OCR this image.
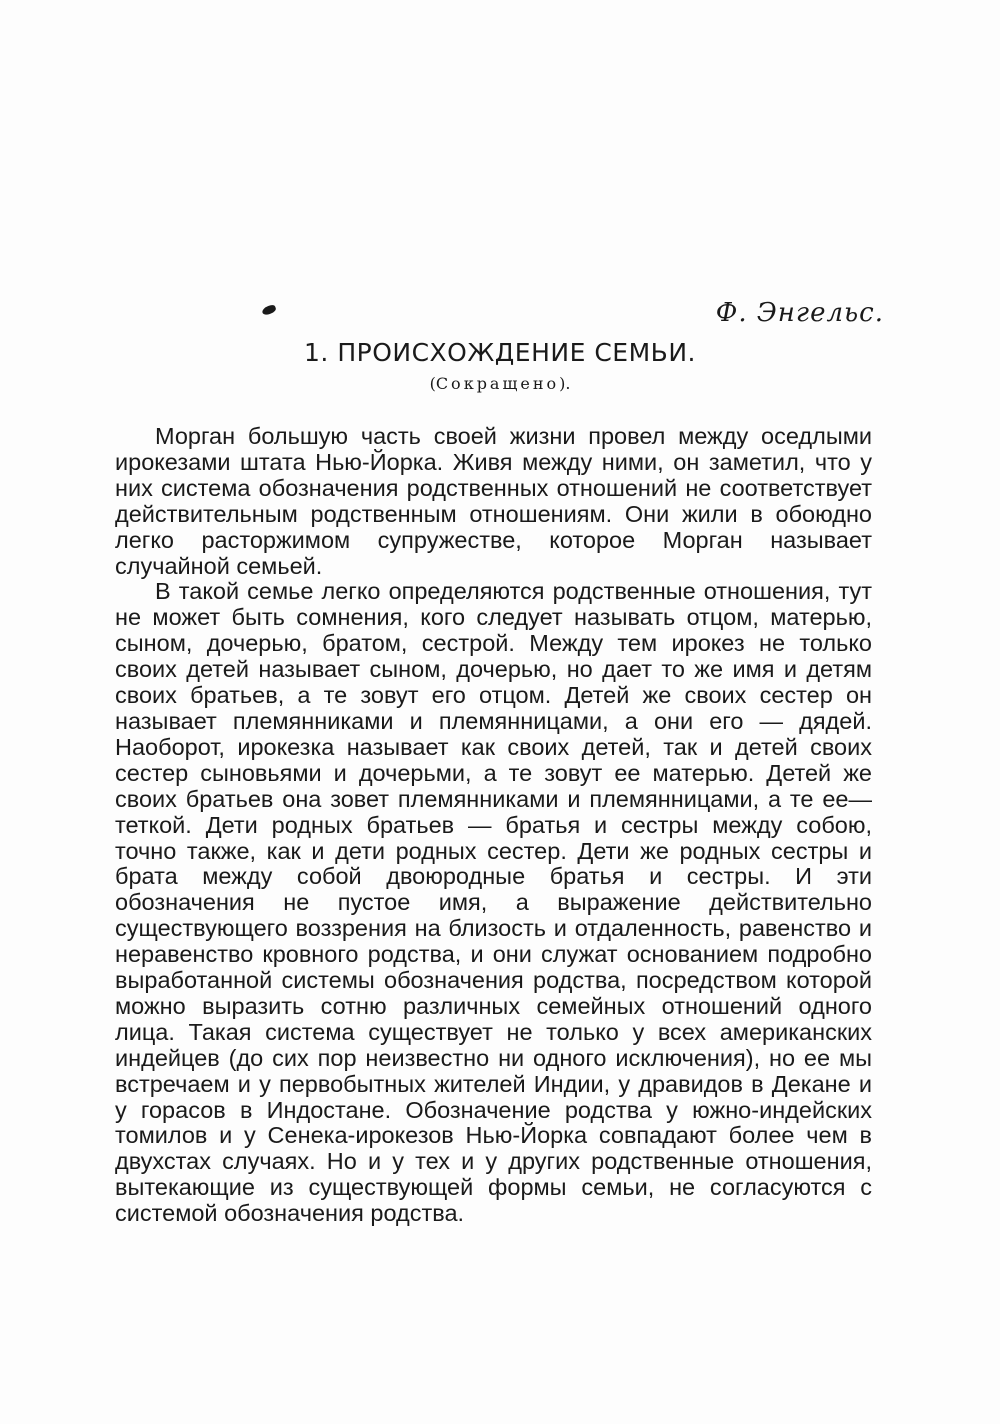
Ф. Энгельс.
1. ПРОИСХОЖДЕНИЕ СЕМЬИ.
(Сокращено).

Морган большую часть своей жизни провел между оседлыми ирокезами штата Нью-Йорка. Живя между ними, он заметил, что у них система обозначения родственных отношений не соответствует действительным родственным отношениям. Они жили в обоюдно легко расторжимом супружестве, которое Морган называет случайной семьей.

В такой семье легко определяются родственные отношения, тут не может быть сомнения, кого следует называть отцом, матерью, сыном, дочерью, братом, сестрой. Между тем ирокез не только своих детей называет сыном, дочерью, но дает то же имя и детям своих братьев, а те зовут его отцом. Детей же своих сестер он называет племянниками и племянницами, а они его — дядей. Наоборот, ирокезка называет как своих детей, так и детей своих сестер сыновьями и дочерьми, а те зовут ее матерью. Детей же своих братьев она зовет племянниками и племянницами, а те ее—теткой. Дети родных братьев — братья и сестры между собою, точно также, как и дети родных сестер. Дети же родных сестры и брата между собой двоюродные братья и сестры. И эти обозначения не пустое имя, а выражение действительно существующего воззрения на близость и отдаленность, равенство и неравенство кровного родства, и они служат основанием подробно выработанной системы обозначения родства, посредством которой можно выразить сотню различных семейных отношений одного лица. Такая система существует не только у всех американских индейцев (до сих пор неизвестно ни одного исключения), но ее мы встречаем и у первобытных жителей Индии, у дравидов в Декане и у горасов в Индостане. Обозначение родства у южно-индейских томилов и у Сенека-ирокезов Нью-Йорка совпадают более чем в двухстах случаях. Но и у тех и у других родственные отношения, вытекающие из существующей формы семьи, не согласуются с системой обозначения родства.
